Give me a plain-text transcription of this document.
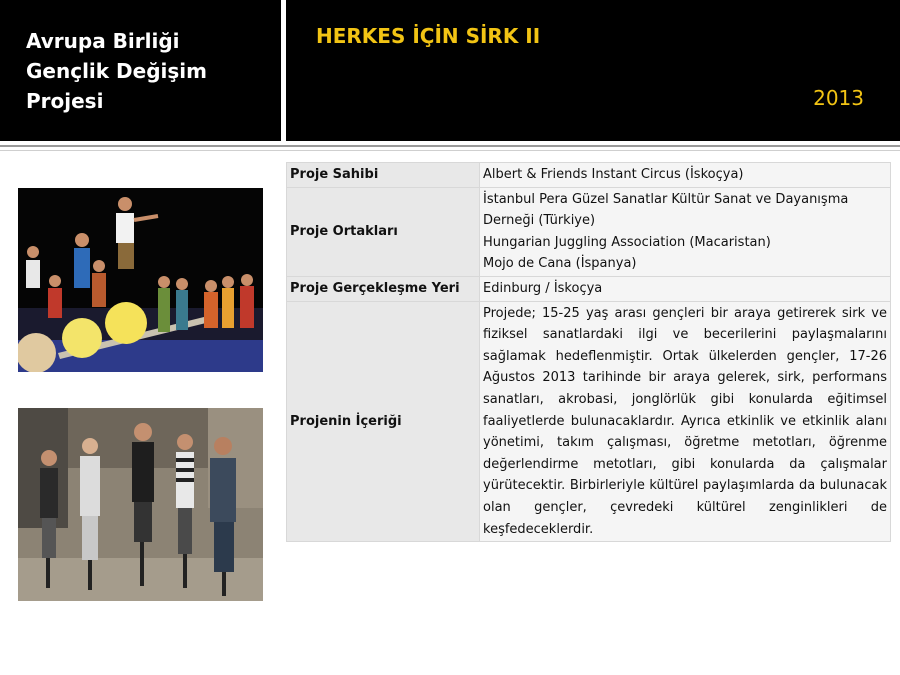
Avrupa Birliği
Gençlik Değişim
Projesi
HERKES İÇİN SİRK II
2013
Proje Sahibi	Albert & Friends Instant Circus (İskoçya)

Proje Ortakları	İstanbul Pera Güzel Sanatlar Kültür Sanat ve Dayanışma Derneği (Türkiye)
Hungarian Juggling Association (Macaristan)
Mojo de Cana (İspanya)

Proje Gerçekleşme Yeri	Edinburg / İskoçya

Projenin İçeriği	Projede; 15-25 yaş arası gençleri bir araya getirerek sirk ve fiziksel sanatlardaki ilgi ve becerilerini paylaşmalarını sağlamak hedeflenmiştir. Ortak ülkelerden gençler, 17-26 Ağustos 2013 tarihinde bir araya gelerek, sirk, performans sanatları, akrobasi, jonglörlük gibi konularda eğitimsel faaliyetlerde bulunacaklardır. Ayrıca etkinlik ve etkinlik alanı yönetimi, takım çalışması, öğretme metotları, öğrenme değerlendirme metotları, gibi konularda da çalışmalar yürütecektir. Birbirleriyle kültürel paylaşımlarda da bulunacak olan gençler, çevredeki kültürel zenginlikleri de keşfedeceklerdir.
